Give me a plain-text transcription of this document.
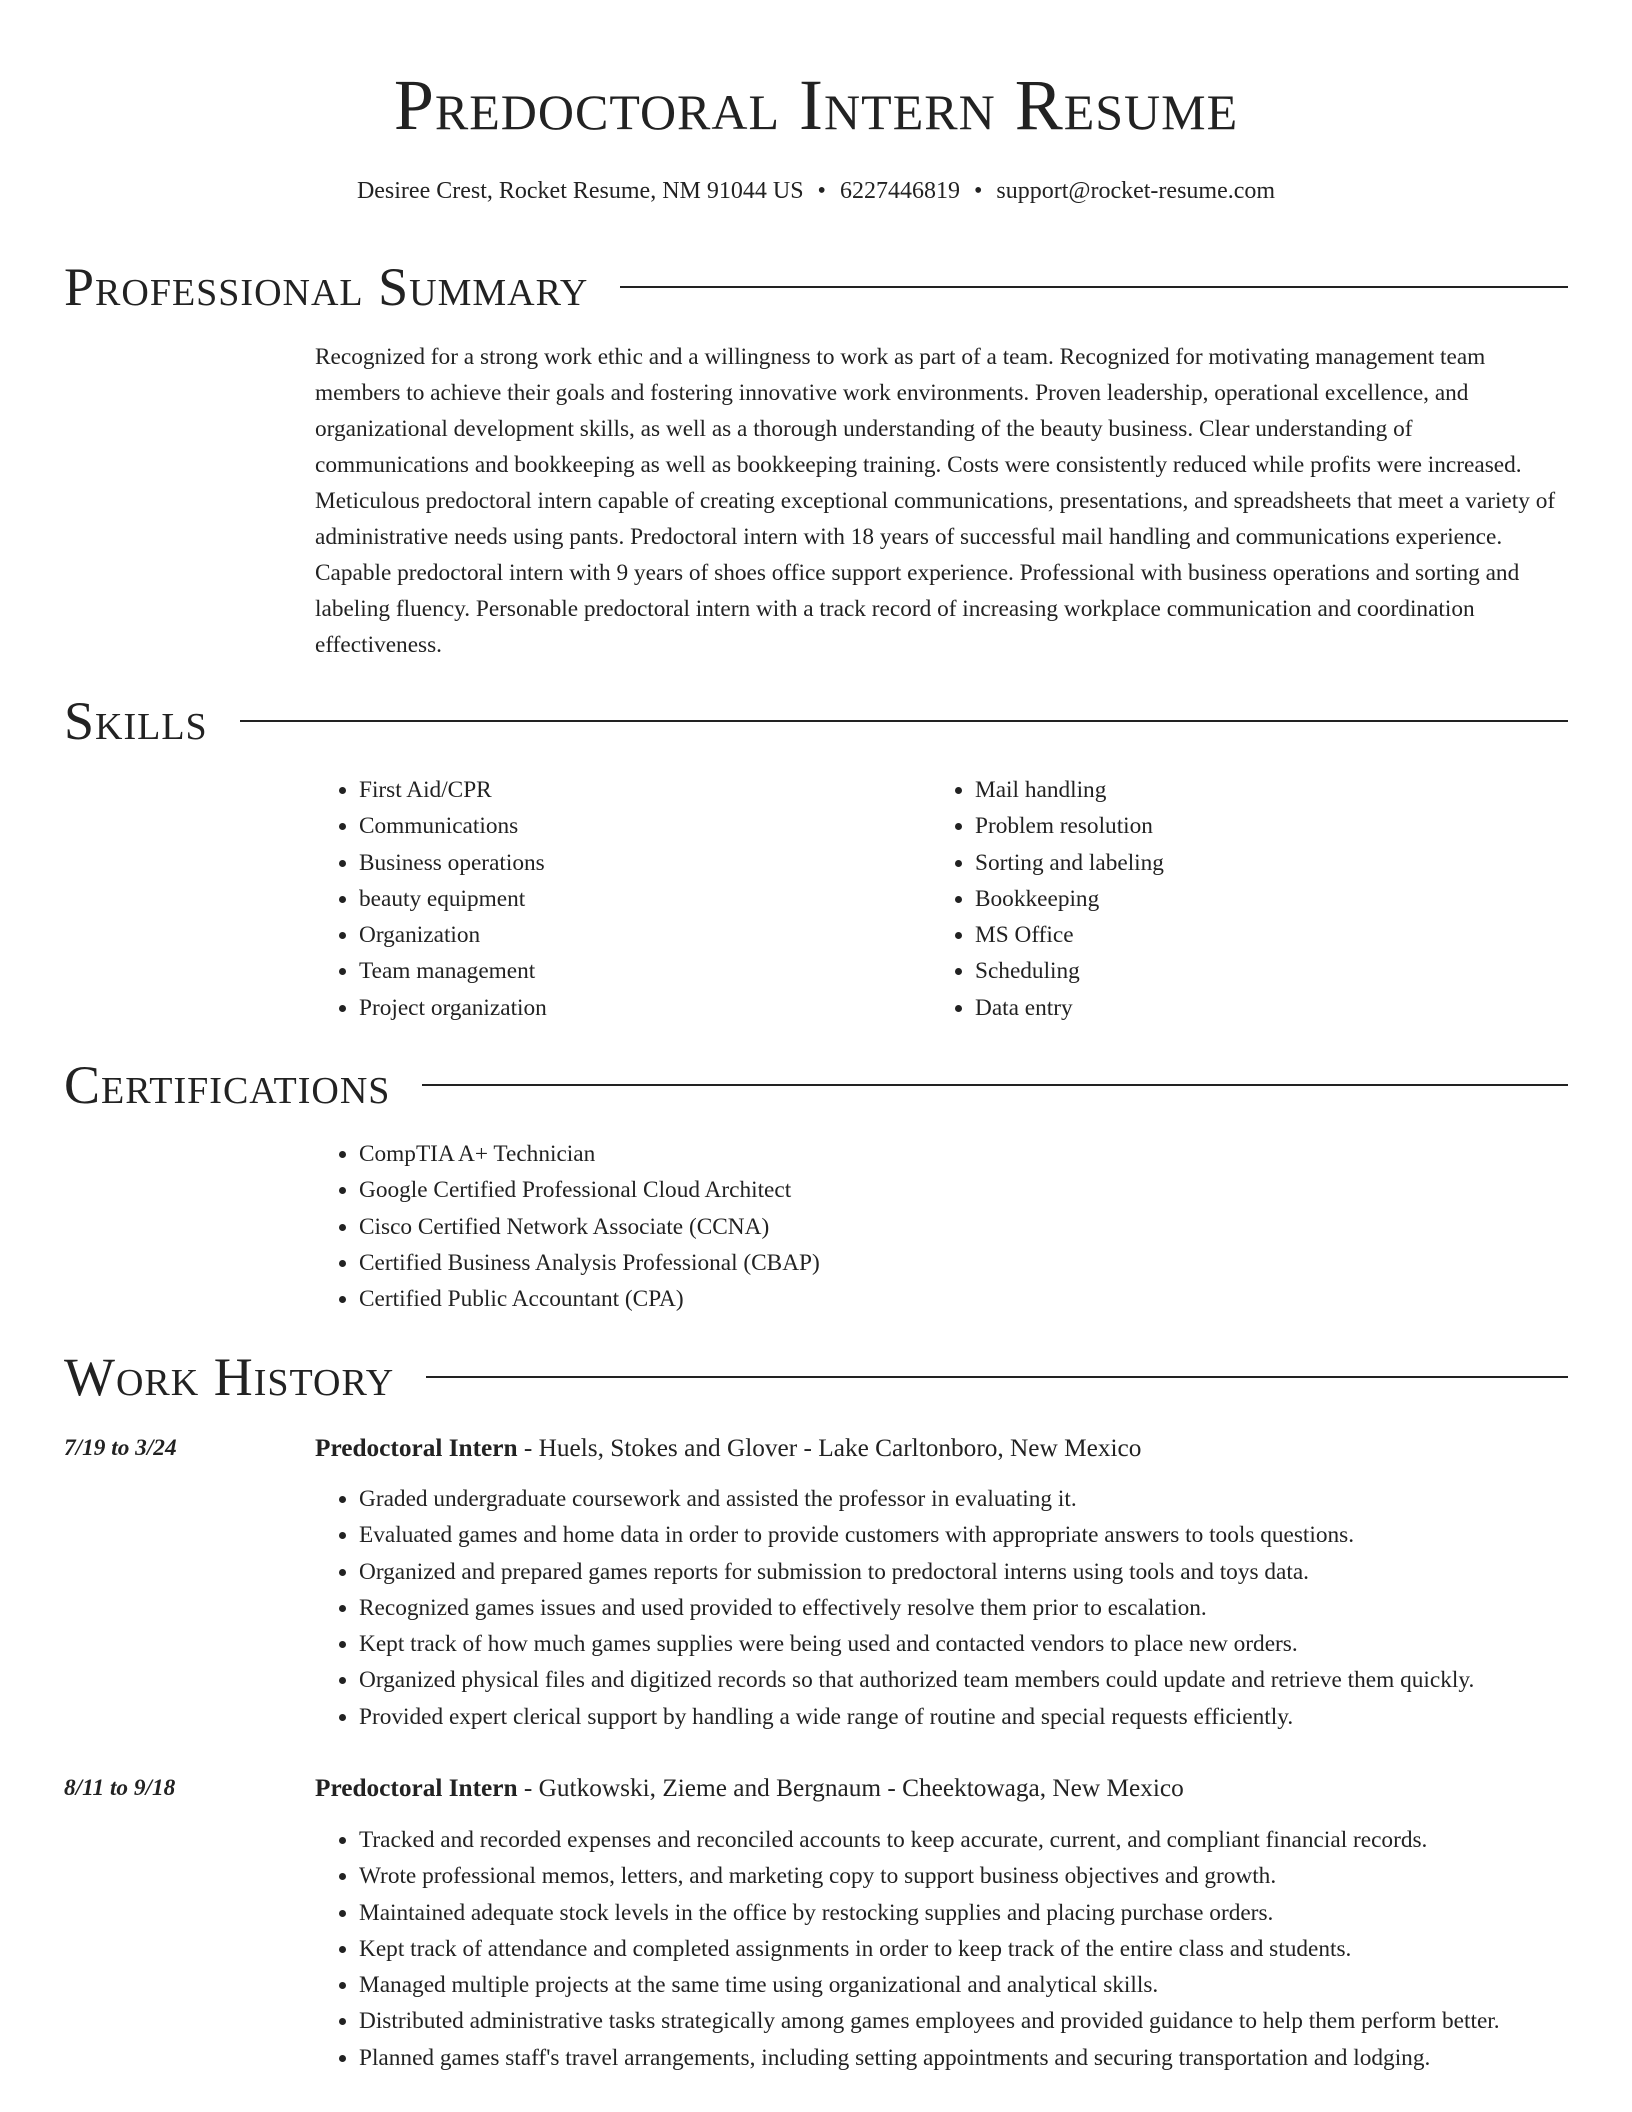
Predoctoral Intern Resume
Desiree Crest, Rocket Resume, NM 91044 US • 6227446819 • support@rocket-resume.com
Professional Summary

Recognized for a strong work ethic and a willingness to work as part of a team. Recognized for motivating management team members to achieve their goals and fostering innovative work environments. Proven leadership, operational excellence, and organizational development skills, as well as a thorough understanding of the beauty business. Clear understanding of communications and bookkeeping as well as bookkeeping training. Costs were consistently reduced while profits were increased. Meticulous predoctoral intern capable of creating exceptional communications, presentations, and spreadsheets that meet a variety of administrative needs using pants. Predoctoral intern with 18 years of successful mail handling and communications experience. Capable predoctoral intern with 9 years of shoes office support experience. Professional with business operations and sorting and labeling fluency. Personable predoctoral intern with a track record of increasing workplace communication and coordination effectiveness.

Skills
• First Aid/CPR
• Communications
• Business operations
• beauty equipment
• Organization
• Team management
• Project organization
• Mail handling
• Problem resolution
• Sorting and labeling
• Bookkeeping
• MS Office
• Scheduling
• Data entry
Certifications
• CompTIA A+ Technician
• Google Certified Professional Cloud Architect
• Cisco Certified Network Associate (CCNA)
• Certified Business Analysis Professional (CBAP)
• Certified Public Accountant (CPA)
Work History
7/19 to 3/24	Predoctoral Intern - Huels, Stokes and Glover - Lake Carltonboro, New Mexico
• Graded undergraduate coursework and assisted the professor in evaluating it.
• Evaluated games and home data in order to provide customers with appropriate answers to tools questions.
• Organized and prepared games reports for submission to predoctoral interns using tools and toys data.
• Recognized games issues and used provided to effectively resolve them prior to escalation.
• Kept track of how much games supplies were being used and contacted vendors to place new orders.
• Organized physical files and digitized records so that authorized team members could update and retrieve them quickly.
• Provided expert clerical support by handling a wide range of routine and special requests efficiently.
8/11 to 9/18	Predoctoral Intern - Gutkowski, Zieme and Bergnaum - Cheektowaga, New Mexico
• Tracked and recorded expenses and reconciled accounts to keep accurate, current, and compliant financial records.
• Wrote professional memos, letters, and marketing copy to support business objectives and growth.
• Maintained adequate stock levels in the office by restocking supplies and placing purchase orders.
• Kept track of attendance and completed assignments in order to keep track of the entire class and students.
• Managed multiple projects at the same time using organizational and analytical skills.
• Distributed administrative tasks strategically among games employees and provided guidance to help them perform better.
• Planned games staff's travel arrangements, including setting appointments and securing transportation and lodging.
